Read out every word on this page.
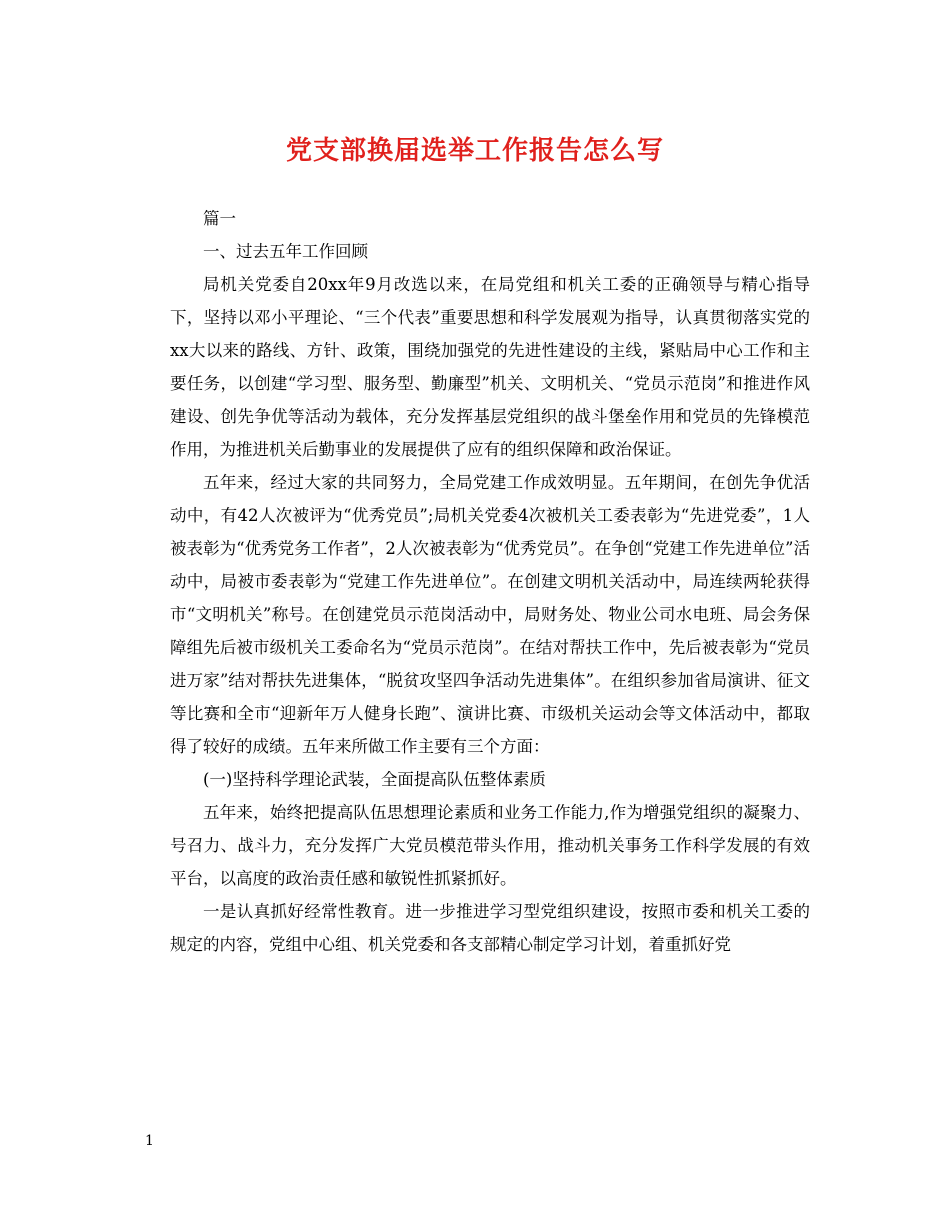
党支部换届选举工作报告怎么写

篇一

一、过去五年工作回顾

局机关党委自20xx年9月改选以来，在局党组和机关工委的正确领导与精心指导下，坚持以邓小平理论、“三个代表”重要思想和科学发展观为指导，认真贯彻落实党的xx大以来的路线、方针、政策，围绕加强党的先进性建设的主线，紧贴局中心工作和主要任务，以创建“学习型、服务型、勤廉型”机关、文明机关、“党员示范岗”和推进作风建设、创先争优等活动为载体，充分发挥基层党组织的战斗堡垒作用和党员的先锋模范作用，为推进机关后勤事业的发展提供了应有的组织保障和政治保证。

五年来，经过大家的共同努力，全局党建工作成效明显。五年期间，在创先争优活动中，有42人次被评为“优秀党员”;局机关党委4次被机关工委表彰为“先进党委”，1人被表彰为“优秀党务工作者”，2人次被表彰为“优秀党员”。在争创“党建工作先进单位”活动中，局被市委表彰为“党建工作先进单位”。在创建文明机关活动中，局连续两轮获得市“文明机关”称号。在创建党员示范岗活动中，局财务处、物业公司水电班、局会务保障组先后被市级机关工委命名为“党员示范岗”。在结对帮扶工作中，先后被表彰为“党员进万家”结对帮扶先进集体，“脱贫攻坚四争活动先进集体”。在组织参加省局演讲、征文等比赛和全市“迎新年万人健身长跑”、演讲比赛、市级机关运动会等文体活动中，都取得了较好的成绩。五年来所做工作主要有三个方面：

(一)坚持科学理论武装，全面提高队伍整体素质

五年来，始终把提高队伍思想理论素质和业务工作能力,作为增强党组织的凝聚力、号召力、战斗力，充分发挥广大党员模范带头作用，推动机关事务工作科学发展的有效平台，以高度的政治责任感和敏锐性抓紧抓好。

一是认真抓好经常性教育。进一步推进学习型党组织建设，按照市委和机关工委的规定的内容，党组中心组、机关党委和各支部精心制定学习计划，着重抓好党

1
